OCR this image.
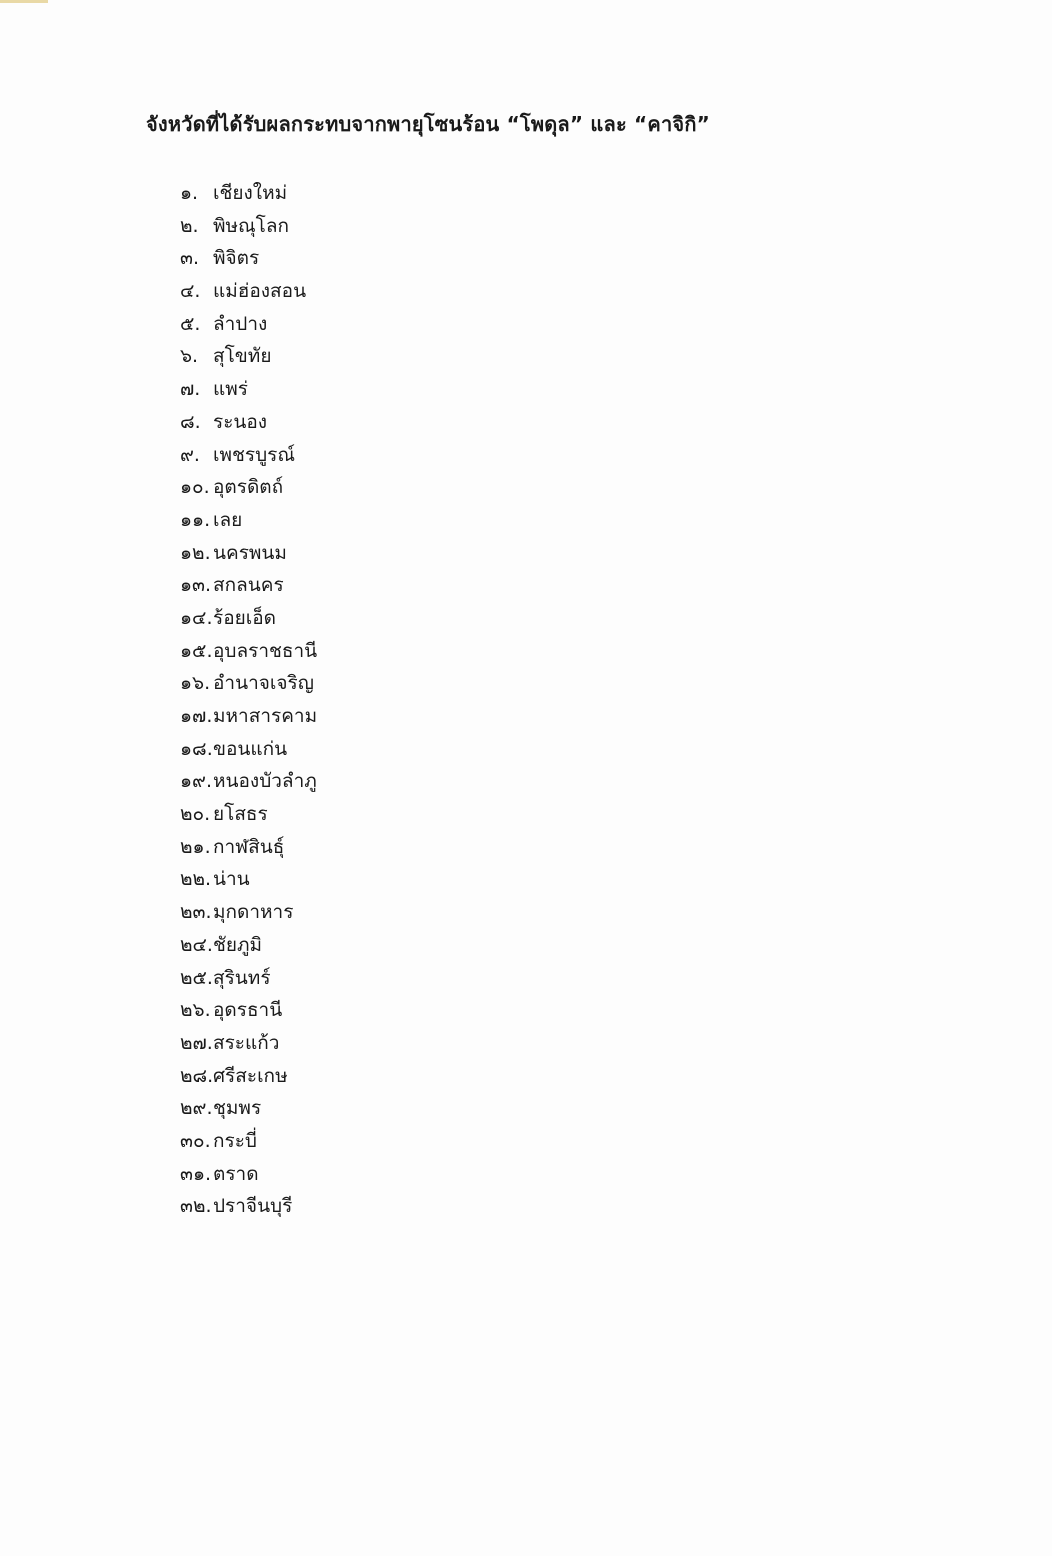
จังหวัดที่ได้รับผลกระทบจากพายุโซนร้อน “โพดุล” และ “คาจิกิ”
๑. เชียงใหม่
๒. พิษณุโลก
๓. พิจิตร
๔. แม่ฮ่องสอน
๕. ลำปาง
๖. สุโขทัย
๗. แพร่
๘. ระนอง
๙. เพชรบูรณ์
๑๐. อุตรดิตถ์
๑๑. เลย
๑๒. นครพนม
๑๓. สกลนคร
๑๔. ร้อยเอ็ด
๑๕. อุบลราชธานี
๑๖. อำนาจเจริญ
๑๗. มหาสารคาม
๑๘. ขอนแก่น
๑๙. หนองบัวลำภู
๒๐. ยโสธร
๒๑. กาฬสินธุ์
๒๒. น่าน
๒๓. มุกดาหาร
๒๔. ชัยภูมิ
๒๕. สุรินทร์
๒๖. อุดรธานี
๒๗. สระแก้ว
๒๘. ศรีสะเกษ
๒๙. ชุมพร
๓๐. กระบี่
๓๑. ตราด
๓๒. ปราจีนบุรี
